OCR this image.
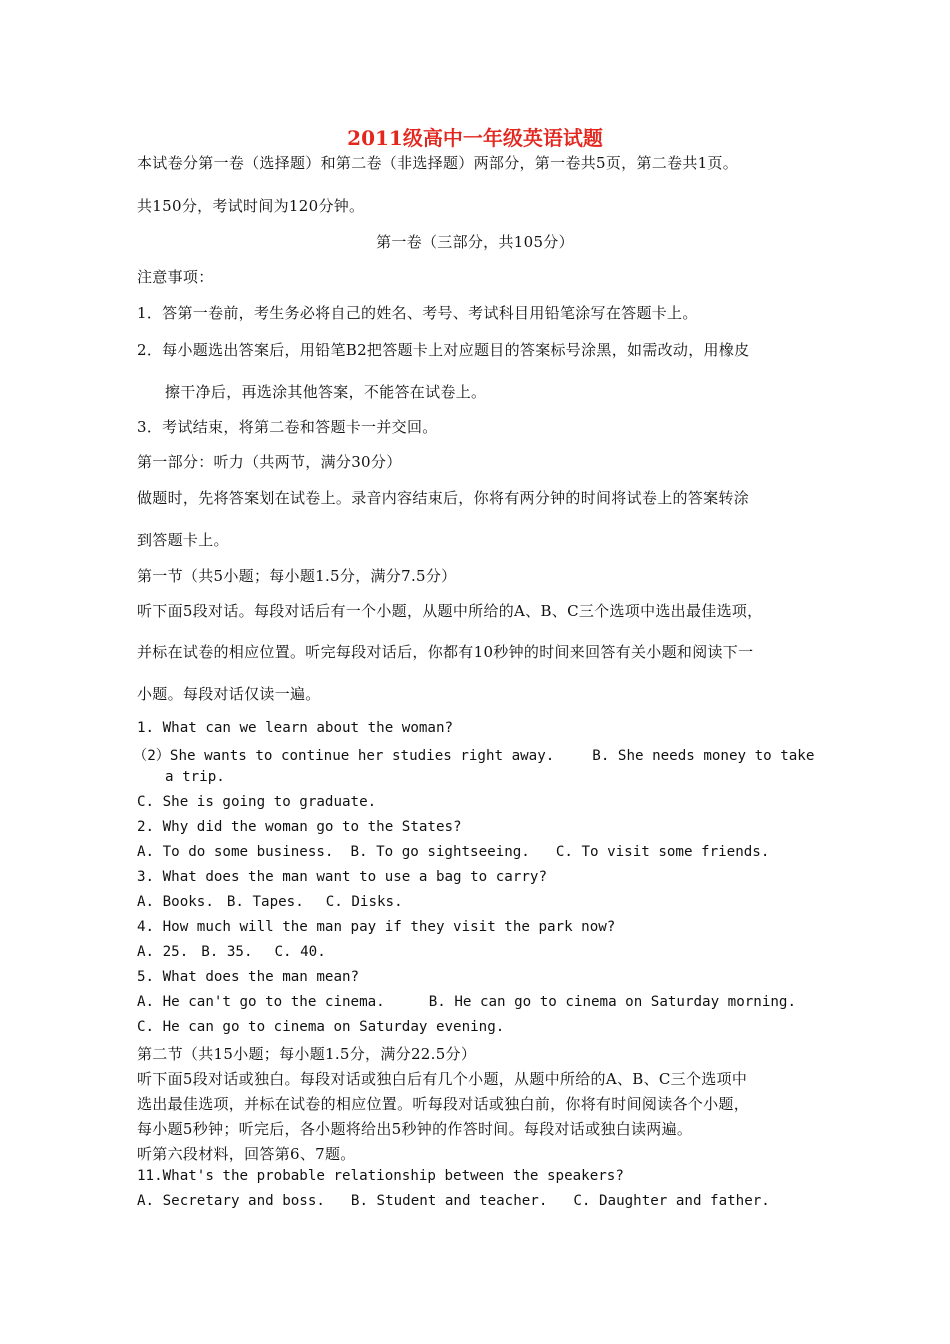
2011级高中一年级英语试题
本试卷分第一卷（选择题）和第二卷（非选择题）两部分，第一卷共5页，第二卷共1页。
共150分，考试时间为120分钟。
第一卷（三部分，共105分）
注意事项：
1．答第一卷前，考生务必将自己的姓名、考号、考试科目用铅笔涂写在答题卡上。
2．每小题选出答案后，用铅笔B2把答题卡上对应题目的答案标号涂黑，如需改动，用橡皮
擦干净后，再选涂其他答案，不能答在试卷上。
3．考试结束，将第二卷和答题卡一并交回。
第一部分：听力（共两节，满分30分）
做题时，先将答案划在试卷上。录音内容结束后，你将有两分钟的时间将试卷上的答案转涂
到答题卡上。
第一节（共5小题；每小题1.5分，满分7.5分）
听下面5段对话。每段对话后有一个小题，从题中所给的A、B、C三个选项中选出最佳选项，
并标在试卷的相应位置。听完每段对话后，你都有10秒钟的时间来回答有关小题和阅读下一
小题。每段对话仅读一遍。
1. What can we learn about the woman?
（2）She wants to continue her studies right away.	B. She needs money to take
a trip.
C. She is going to graduate.
2. Why did the woman go to the States?
A. To do some business. B. To go sightseeing. C. To visit some friends.
3. What does the man want to use a bag to carry?
A. Books. B. Tapes. C. Disks.
4. How much will the man pay if they visit the park now?
A. 25. B. 35. C. 40.
5. What does the man mean?
A. He can't go to the cinema.	B. He can go to cinema on Saturday morning.
C. He can go to cinema on Saturday evening.
第二节（共15小题；每小题1.5分，满分22.5分）
听下面5段对话或独白。每段对话或独白后有几个小题，从题中所给的A、B、C三个选项中
选出最佳选项，并标在试卷的相应位置。听每段对话或独白前，你将有时间阅读各个小题，
每小题5秒钟；听完后，各小题将给出5秒钟的作答时间。每段对话或独白读两遍。
听第六段材料，回答第6、7题。
11.What's the probable relationship between the speakers?
A. Secretary and boss. B. Student and teacher. C. Daughter and father.
